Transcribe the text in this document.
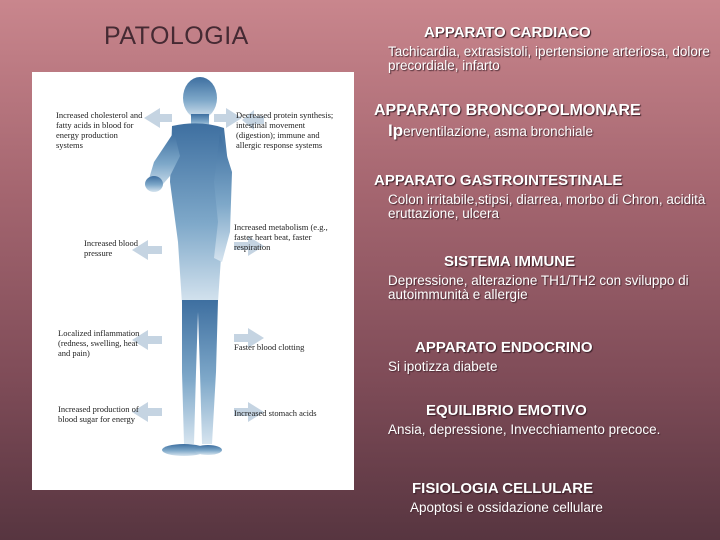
PATOLOGIA
Increased cholesterol and fatty acids in blood for energy production systems
Increased blood pressure
Localized inflammation (redness, swelling, heat and pain)
Increased production of blood sugar for energy
Decreased protein synthesis; intestinal movement (digestion); immune and allergic response systems
Increased metabolism (e.g., faster heart beat, faster respiration
Faster blood clotting
Increased stomach acids
APPARATO CARDIACO
Tachicardia, extrasistoli, ipertensione arteriosa, dolore precordiale, infarto
APPARATO BRONCOPOLMONARE
Iperventilazione, asma bronchiale
APPARATO GASTROINTESTINALE
Colon irritabile,stipsi, diarrea, morbo di Chron, acidità eruttazione, ulcera
SISTEMA IMMUNE
Depressione, alterazione TH1/TH2 con sviluppo di autoimmunità e allergie
APPARATO ENDOCRINO
Si ipotizza diabete
EQUILIBRIO EMOTIVO
Ansia, depressione, Invecchiamento precoce.
FISIOLOGIA CELLULARE
Apoptosi e ossidazione cellulare
